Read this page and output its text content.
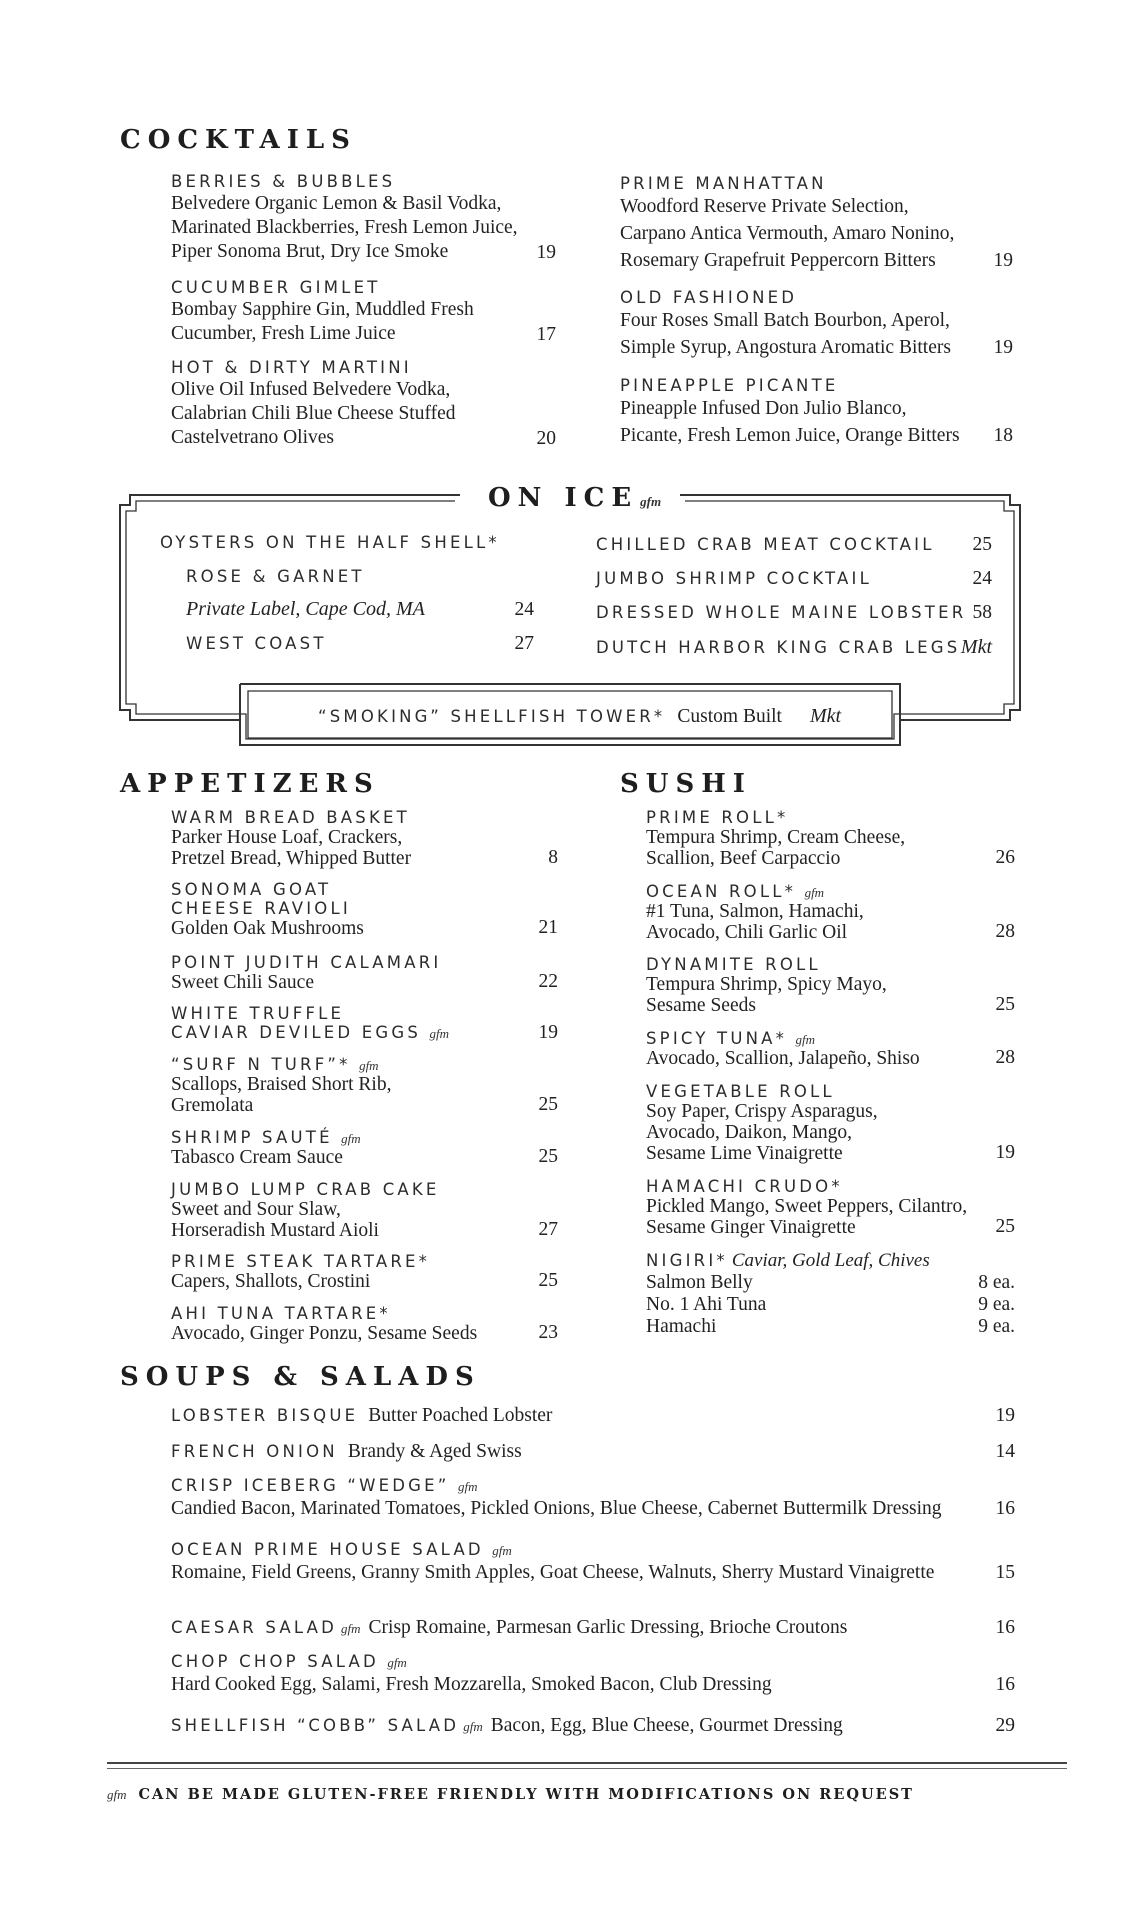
COCKTAILS
BERRIES & BUBBLES
Belvedere Organic Lemon & Basil Vodka,
Marinated Blackberries, Fresh Lemon Juice,
Piper Sonoma Brut, Dry Ice Smoke	19
CUCUMBER GIMLET
Bombay Sapphire Gin, Muddled Fresh
Cucumber, Fresh Lime Juice	17
HOT & DIRTY MARTINI
Olive Oil Infused Belvedere Vodka,
Calabrian Chili Blue Cheese Stuffed
Castelvetrano Olives	20
PRIME MANHATTAN
Woodford Reserve Private Selection,
Carpano Antica Vermouth, Amaro Nonino,
Rosemary Grapefruit Peppercorn Bitters	19
OLD FASHIONED
Four Roses Small Batch Bourbon, Aperol,
Simple Syrup, Angostura Aromatic Bitters	19
PINEAPPLE PICANTE
Pineapple Infused Don Julio Blanco,
Picante, Fresh Lemon Juice, Orange Bitters	18
ON ICE gfm
OYSTERS ON THE HALF SHELL*
ROSE & GARNET
Private Label, Cape Cod, MA	24
WEST COAST	27
CHILLED CRAB MEAT COCKTAIL 25
JUMBO SHRIMP COCKTAIL	24
DRESSED WHOLE MAINE LOBSTER 58
DUTCH HARBOR KING CRAB LEGS Mkt
“SMOKING” SHELLFISH TOWER* Custom Built Mkt
APPETIZERS
WARM BREAD BASKET
Parker House Loaf, Crackers,
Pretzel Bread, Whipped Butter	8
SONOMA GOAT
CHEESE RAVIOLI
Golden Oak Mushrooms	21
POINT JUDITH CALAMARI
Sweet Chili Sauce	22
WHITE TRUFFLE
CAVIAR DEVILED EGGS gfm	19
“SURF N TURF”* gfm
Scallops, Braised Short Rib,
Gremolata	25
SHRIMP SAUTÉ gfm
Tabasco Cream Sauce	25
JUMBO LUMP CRAB CAKE
Sweet and Sour Slaw,
Horseradish Mustard Aioli	27
PRIME STEAK TARTARE*
Capers, Shallots, Crostini	25
AHI TUNA TARTARE*
Avocado, Ginger Ponzu, Sesame Seeds	23
SUSHI
PRIME ROLL*
Tempura Shrimp, Cream Cheese,
Scallion, Beef Carpaccio	26
OCEAN ROLL* gfm
#1 Tuna, Salmon, Hamachi,
Avocado, Chili Garlic Oil	28
DYNAMITE ROLL
Tempura Shrimp, Spicy Mayo,
Sesame Seeds	25
SPICY TUNA* gfm
Avocado, Scallion, Jalapeño, Shiso	28
VEGETABLE ROLL
Soy Paper, Crispy Asparagus,
Avocado, Daikon, Mango,
Sesame Lime Vinaigrette	19
HAMACHI CRUDO*
Pickled Mango, Sweet Peppers, Cilantro,
Sesame Ginger Vinaigrette	25
NIGIRI* Caviar, Gold Leaf, Chives
Salmon Belly	8 ea.
No. 1 Ahi Tuna	9 ea.
Hamachi	9 ea.
SOUPS & SALADS
LOBSTER BISQUE Butter Poached Lobster	19
FRENCH ONION Brandy & Aged Swiss	14
CRISP ICEBERG “WEDGE” gfm
Candied Bacon, Marinated Tomatoes, Pickled Onions, Blue Cheese, Cabernet Buttermilk Dressing	16
OCEAN PRIME HOUSE SALAD gfm
Romaine, Field Greens, Granny Smith Apples, Goat Cheese, Walnuts, Sherry Mustard Vinaigrette	15
CAESAR SALAD gfm Crisp Romaine, Parmesan Garlic Dressing, Brioche Croutons	16
CHOP CHOP SALAD gfm
Hard Cooked Egg, Salami, Fresh Mozzarella, Smoked Bacon, Club Dressing	16
SHELLFISH “COBB” SALAD gfm Bacon, Egg, Blue Cheese, Gourmet Dressing	29
gfm CAN BE MADE GLUTEN-FREE FRIENDLY WITH MODIFICATIONS ON REQUEST
